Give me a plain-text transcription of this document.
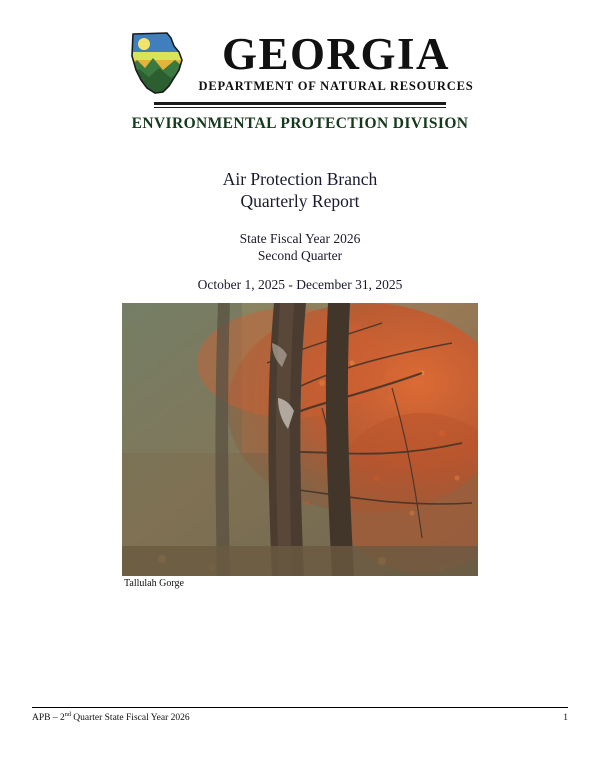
GEORGIA
DEPARTMENT OF NATURAL RESOURCES
ENVIRONMENTAL PROTECTION DIVISION
Air Protection Branch
Quarterly Report
State Fiscal Year 2026
Second Quarter
October 1, 2025 - December 31, 2025
Tallulah Gorge
APB – 2nd Quarter State Fiscal Year 2026	1
